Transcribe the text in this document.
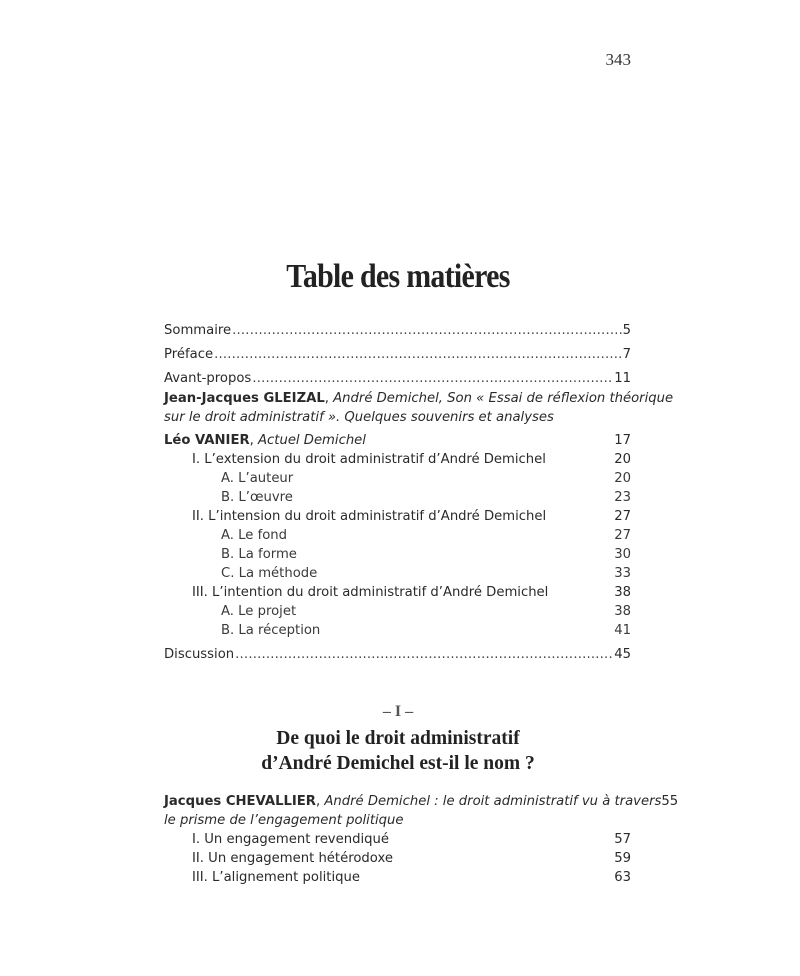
343
Table des matières
Sommaire .....	5
Préface .....	7
Avant-propos .....	11
Jean-Jacques GLEIZAL, André Demichel, Son « Essai de réflexion théorique
sur le droit administratif ». Quelques souvenirs et analyses
Léo VANIER, Actuel Demichel	17
I. L’extension du droit administratif d’André Demichel	20
A. L’auteur	20
B. L’œuvre	23
II. L’intension du droit administratif d’André Demichel	27
A. Le fond	27
B. La forme	30
C. La méthode	33
III. L’intention du droit administratif d’André Demichel	38
A. Le projet	38
B. La réception	41
Discussion .....	45
– I –
De quoi le droit administratif
d’André Demichel est-il le nom ?
Jacques CHEVALLIER, André Demichel : le droit administratif vu à travers 55
le prisme de l’engagement politique
I. Un engagement revendiqué	57
II. Un engagement hétérodoxe	59
III. L’alignement politique	63
